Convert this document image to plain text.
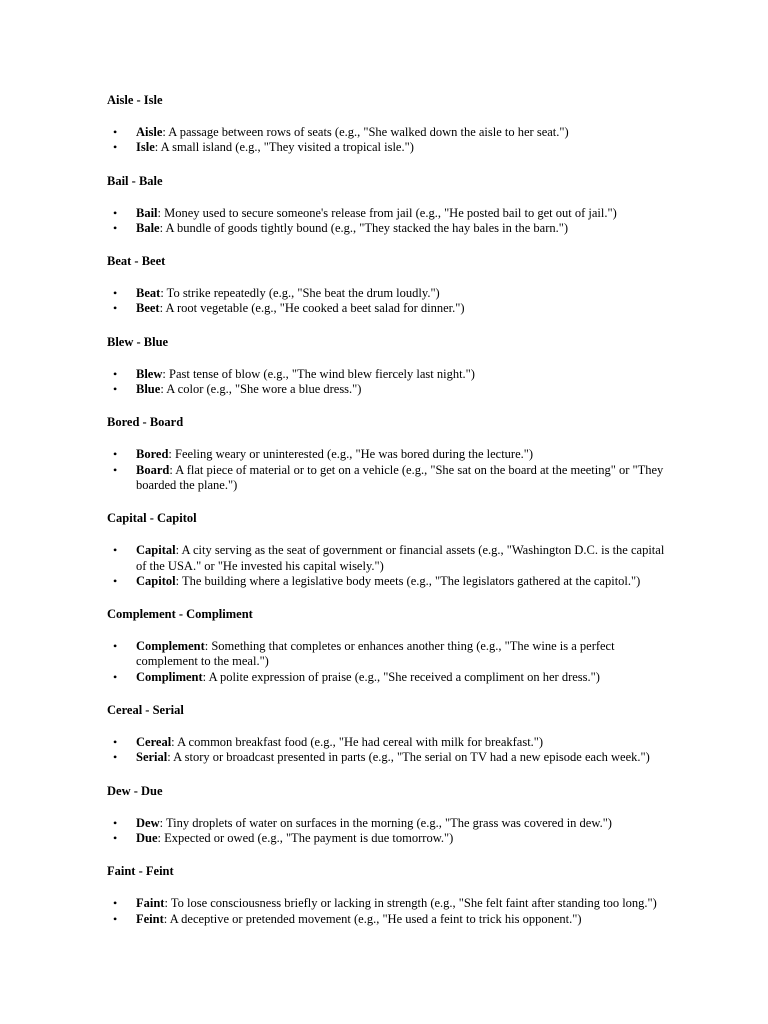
Aisle - Isle

• Aisle: A passage between rows of seats (e.g., "She walked down the aisle to her seat.")
• Isle: A small island (e.g., "They visited a tropical isle.")

Bail - Bale

• Bail: Money used to secure someone's release from jail (e.g., "He posted bail to get out of jail.")
• Bale: A bundle of goods tightly bound (e.g., "They stacked the hay bales in the barn.")

Beat - Beet

• Beat: To strike repeatedly (e.g., "She beat the drum loudly.")
• Beet: A root vegetable (e.g., "He cooked a beet salad for dinner.")

Blew - Blue

• Blew: Past tense of blow (e.g., "The wind blew fiercely last night.")
• Blue: A color (e.g., "She wore a blue dress.")

Bored - Board

• Bored: Feeling weary or uninterested (e.g., "He was bored during the lecture.")
• Board: A flat piece of material or to get on a vehicle (e.g., "She sat on the board at the meeting" or "They boarded the plane.")

Capital - Capitol

• Capital: A city serving as the seat of government or financial assets (e.g., "Washington D.C. is the capital of the USA." or "He invested his capital wisely.")
• Capitol: The building where a legislative body meets (e.g., "The legislators gathered at the capitol.")

Complement - Compliment

• Complement: Something that completes or enhances another thing (e.g., "The wine is a perfect complement to the meal.")
• Compliment: A polite expression of praise (e.g., "She received a compliment on her dress.")

Cereal - Serial

• Cereal: A common breakfast food (e.g., "He had cereal with milk for breakfast.")
• Serial: A story or broadcast presented in parts (e.g., "The serial on TV had a new episode each week.")

Dew - Due

• Dew: Tiny droplets of water on surfaces in the morning (e.g., "The grass was covered in dew.")
• Due: Expected or owed (e.g., "The payment is due tomorrow.")

Faint - Feint

• Faint: To lose consciousness briefly or lacking in strength (e.g., "She felt faint after standing too long.")
• Feint: A deceptive or pretended movement (e.g., "He used a feint to trick his opponent.")
